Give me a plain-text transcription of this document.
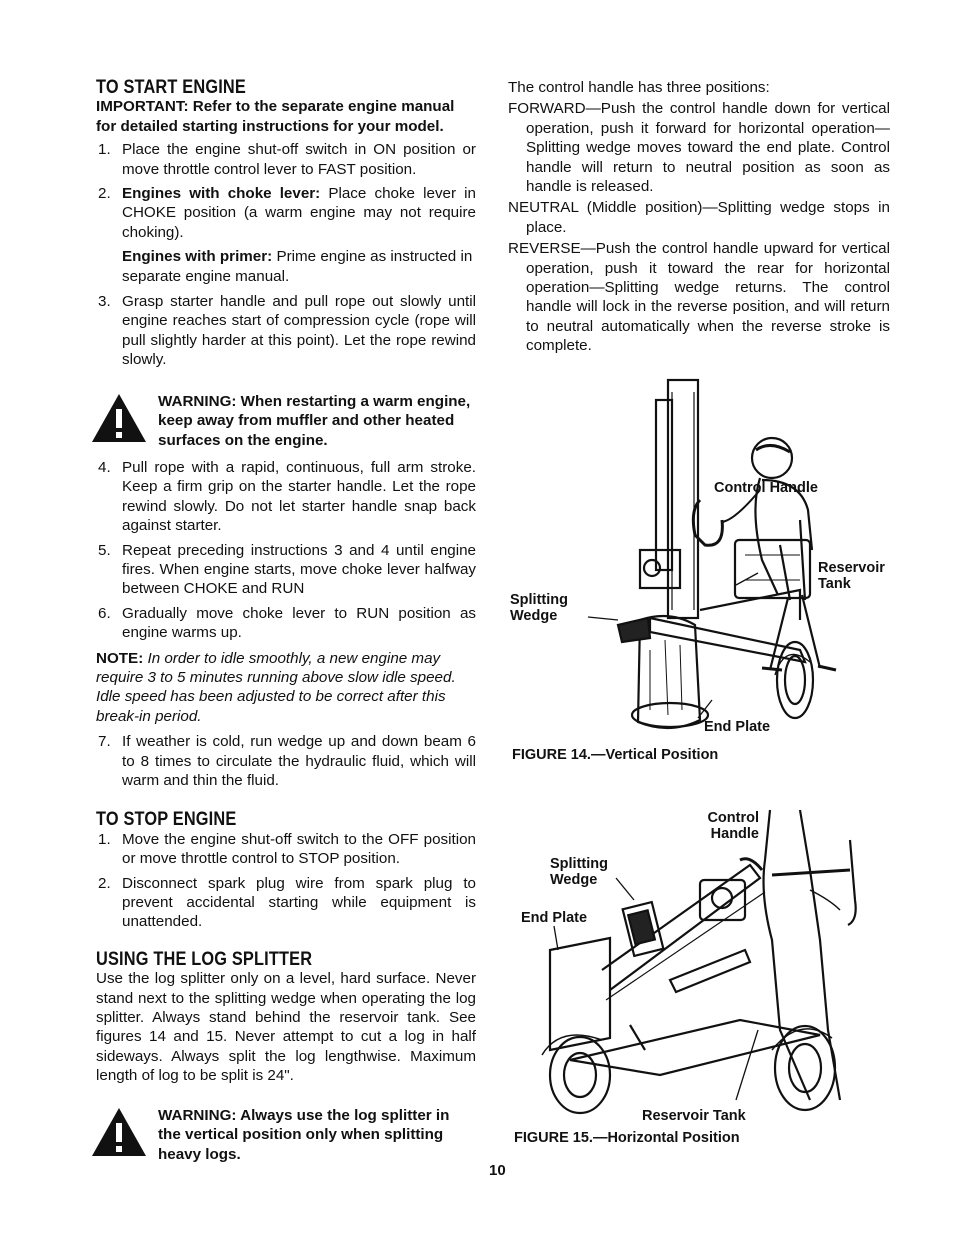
TO START ENGINE

IMPORTANT: Refer to the separate engine manual for detailed starting instructions for your model.

1. Place the engine shut-off switch in ON position or move throttle control lever to FAST position.
2. Engines with choke lever: Place choke lever in CHOKE position (a warm engine may not require choking).

Engines with primer: Prime engine as instructed in separate engine manual.

3. Grasp starter handle and pull rope out slowly until engine reaches start of compression cycle (rope will pull slightly harder at this point). Let the rope rewind slowly.
WARNING: When restarting a warm engine, keep away from muffler and other heated surfaces on the engine.
4. Pull rope with a rapid, continuous, full arm stroke. Keep a firm grip on the starter handle. Let the rope rewind slowly. Do not let starter handle snap back against starter.
5. Repeat preceding instructions 3 and 4 until engine fires. When engine starts, move choke lever halfway between CHOKE and RUN
6. Gradually move choke lever to RUN position as engine warms up.

NOTE: In order to idle smoothly, a new engine may require 3 to 5 minutes running above slow idle speed. Idle speed has been adjusted to be correct after this break-in period.

7. If weather is cold, run wedge up and down beam 6 to 8 times to circulate the hydraulic fluid, which will warm and thin the fluid.
TO STOP ENGINE
1. Move the engine shut-off switch to the OFF position or move throttle control to STOP position.
2. Disconnect spark plug wire from spark plug to prevent accidental starting while equipment is unattended.
USING THE LOG SPLITTER

Use the log splitter only on a level, hard surface. Never stand next to the splitting wedge when operating the log splitter. Always stand behind the reservoir tank. See figures 14 and 15. Never attempt to cut a log in half sideways. Always split the log lengthwise. Maximum length of log to be split is 24".

WARNING: Always use the log splitter in the vertical position only when splitting heavy logs.

The control handle has three positions:

FORWARD—Push the control handle down for vertical operation, push it forward for horizontal operation—Splitting wedge moves toward the end plate. Control handle will return to neutral position as soon as handle is released.

NEUTRAL (Middle position)—Splitting wedge stops in place.

REVERSE—Push the control handle upward for vertical operation, push it toward the rear for horizontal operation—Splitting wedge returns. The control handle will lock in the reverse position, and will return to neutral automatically when the reverse stroke is complete.

Control Handle
Reservoir Tank
Splitting Wedge
End Plate
FIGURE 14.—Vertical Position
Control Handle
Splitting Wedge
End Plate
Reservoir Tank
FIGURE 15.—Horizontal Position
10
